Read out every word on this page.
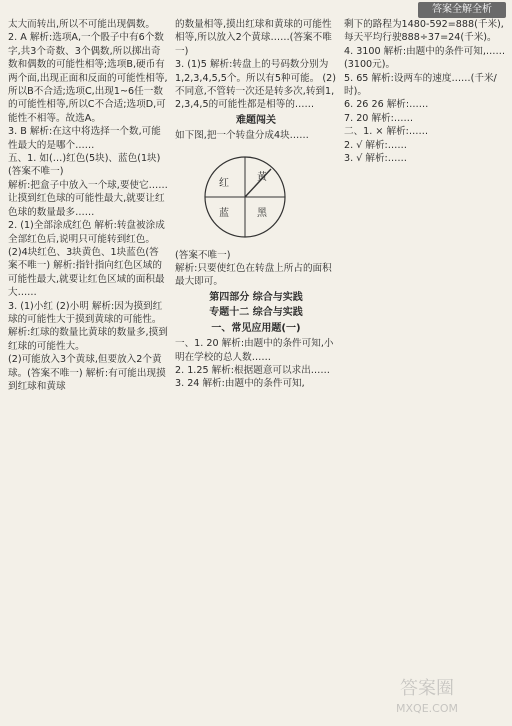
答案全解全析

太大而转出,所以不可能出现偶数。

2. A 解析:选项A,一个骰子中有6个数字,共3个奇数、3个偶数,所以掷出奇数和偶数的可能性相等;选项B,硬币有两个面,出现正面和反面的可能性相等,所以B不合适;选项C,出现1~6任一数的可能性相等,所以C不合适;选项D,可能性不相等。故选A。

3. B 解析:在这中将选择一个数,可能性最大的是哪个……

五、1. 如(…)红色(5块)、蓝色(1块)(答案不唯一)

解析:把盒子中放入一个球,要使它……让摸到红色球的可能性最大,就要让红色球的数量最多……

2. (1)全部涂成红色 解析:转盘被涂成全部红色后,说明只可能转到红色。

(2)4块红色、3块黄色、1块蓝色(答案不唯一) 解析:指针指向红色区域的可能性最大,就要让红色区域的面积最大……

3. (1)小红 (2)小明 解析:因为摸到红球的可能性大于摸到黄球的可能性。

解析:红球的数量比黄球的数量多,摸到红球的可能性大。

(2)可能放入3个黄球,但要放入2个黄球。(答案不唯一) 解析:有可能出现摸到红球和黄球

的数量相等,摸出红球和黄球的可能性相等,所以放入2个黄球……(答案不唯一)

3. (1)5 解析:转盘上的号码数分别为1,2,3,4,5,5个。所以有5种可能。 (2)不同意,不管转一次还是转多次,转到1,2,3,4,5的可能性都是相等的……

难题闯关

如下图,把一个转盘分成4块……

红
黄
蓝	黑

(答案不唯一)

解析:只要使红色在转盘上所占的面积最大即可。

第四部分 综合与实践
专题十二 综合与实践
一、常见应用题(一)

一、1. 20 解析:由题中的条件可知,小明在学校的总人数……

2. 1.25 解析:根据题意可以求出……

3. 24 解析:由题中的条件可知,

剩下的路程为1480-592=888(千米),每天平均行驶888÷37=24(千米)。

4. 3100 解析:由题中的条件可知,……(3100元)。

5. 65 解析:设两车的速度……(千米/时)。

6. 26 26 解析:……

7. 20 解析:……

二、1. × 解析:……

2. √ 解析:……

3. √ 解析:……

答案圈
MXQE.COM
